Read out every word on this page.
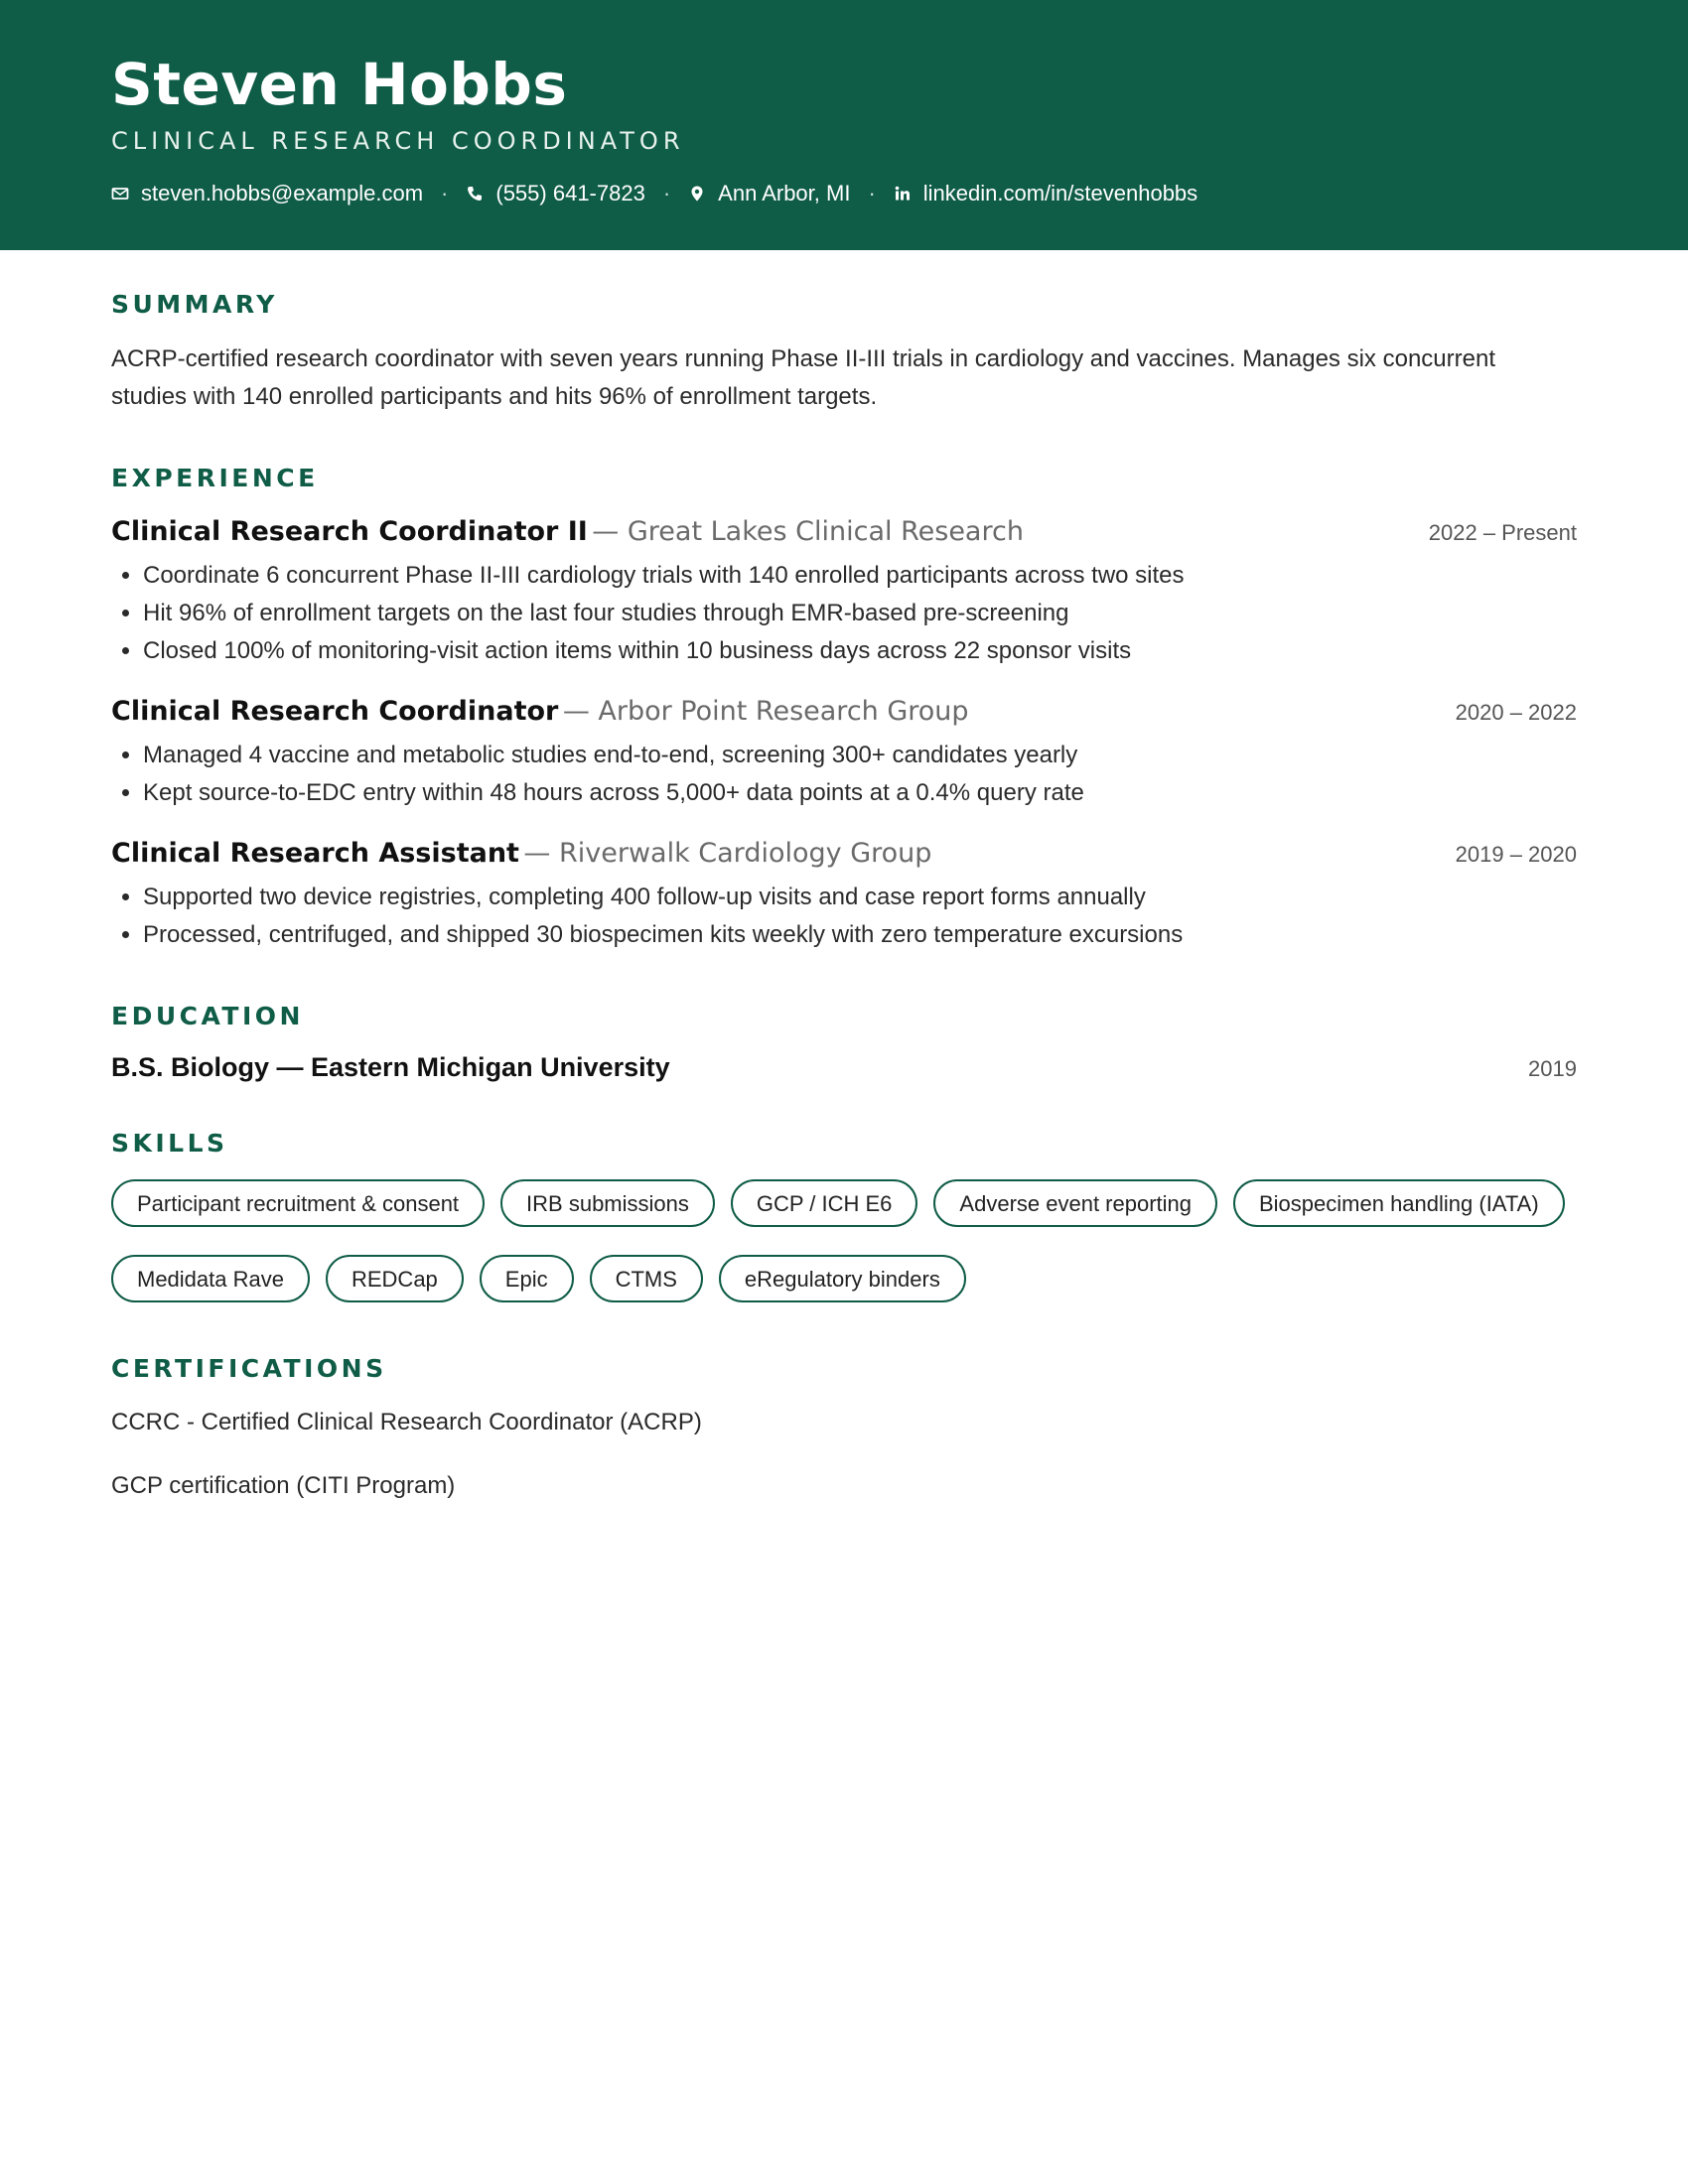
Steven Hobbs
CLINICAL RESEARCH COORDINATOR
steven.hobbs@example.com · (555) 641-7823 · Ann Arbor, MI · linkedin.com/in/stevenhobbs
SUMMARY
ACRP-certified research coordinator with seven years running Phase II-III trials in cardiology and vaccines. Manages six concurrent studies with 140 enrolled participants and hits 96% of enrollment targets.
EXPERIENCE
Clinical Research Coordinator II — Great Lakes Clinical Research	2022 – Present
• Coordinate 6 concurrent Phase II-III cardiology trials with 140 enrolled participants across two sites
• Hit 96% of enrollment targets on the last four studies through EMR-based pre-screening
• Closed 100% of monitoring-visit action items within 10 business days across 22 sponsor visits
Clinical Research Coordinator — Arbor Point Research Group	2020 – 2022
• Managed 4 vaccine and metabolic studies end-to-end, screening 300+ candidates yearly
• Kept source-to-EDC entry within 48 hours across 5,000+ data points at a 0.4% query rate
Clinical Research Assistant — Riverwalk Cardiology Group	2019 – 2020
• Supported two device registries, completing 400 follow-up visits and case report forms annually
• Processed, centrifuged, and shipped 30 biospecimen kits weekly with zero temperature excursions
EDUCATION
B.S. Biology — Eastern Michigan University	2019
SKILLS
Participant recruitment & consent	IRB submissions	GCP / ICH E6	Adverse event reporting	Biospecimen handling (IATA)
Medidata Rave	REDCap	Epic	CTMS	eRegulatory binders
CERTIFICATIONS
CCRC - Certified Clinical Research Coordinator (ACRP)
GCP certification (CITI Program)
